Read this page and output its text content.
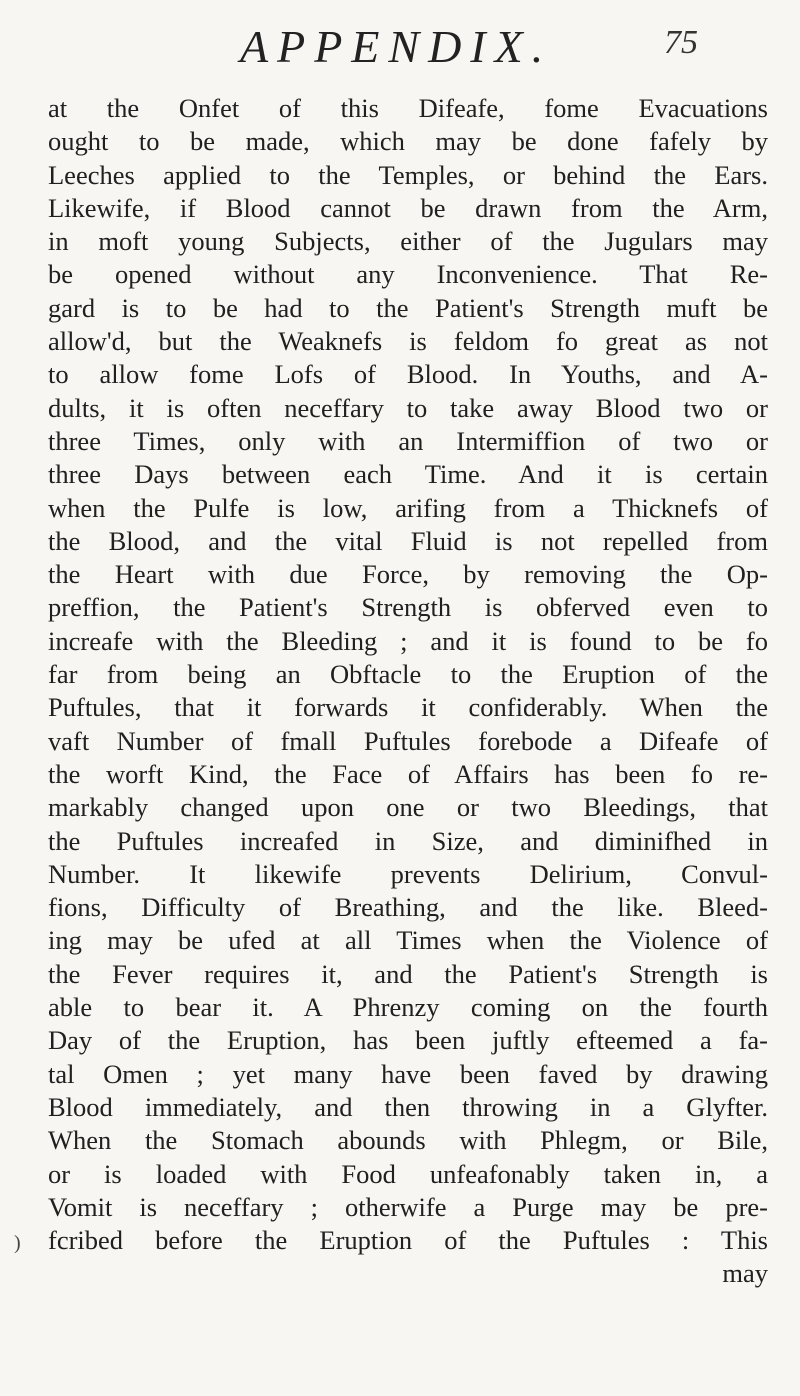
APPENDIX.	75
at the Onfet of this Difeafe, fome Evacuations
ought to be made, which may be done fafely by
Leeches applied to the Temples, or behind the Ears.
Likewife, if Blood cannot be drawn from the Arm,
in moft young Subjects, either of the Jugulars may
be opened without any Inconvenience. That Re-
gard is to be had to the Patient's Strength muft be
allow'd, but the Weaknefs is feldom fo great as not
to allow fome Lofs of Blood. In Youths, and A-
dults, it is often neceffary to take away Blood two or
three Times, only with an Intermiffion of two or
three Days between each Time. And it is certain
when the Pulfe is low, arifing from a Thicknefs of
the Blood, and the vital Fluid is not repelled from
the Heart with due Force, by removing the Op-
preffion, the Patient's Strength is obferved even to
increafe with the Bleeding ; and it is found to be fo
far from being an Obftacle to the Eruption of the
Puftules, that it forwards it confiderably. When the
vaft Number of fmall Puftules forebode a Difeafe of
the worft Kind, the Face of Affairs has been fo re-
markably changed upon one or two Bleedings, that
the Puftules increafed in Size, and diminifhed in
Number. It likewife prevents Delirium, Convul-
fions, Difficulty of Breathing, and the like. Bleed-
ing may be ufed at all Times when the Violence of
the Fever requires it, and the Patient's Strength is
able to bear it. A Phrenzy coming on the fourth
Day of the Eruption, has been juftly efteemed a fa-
tal Omen ; yet many have been faved by drawing
Blood immediately, and then throwing in a Glyfter.
When the Stomach abounds with Phlegm, or Bile,
or is loaded with Food unfeafonably taken in, a
Vomit is neceffary ; otherwife a Purge may be pre-
fcribed before the Eruption of the Puftules : This
may
)
